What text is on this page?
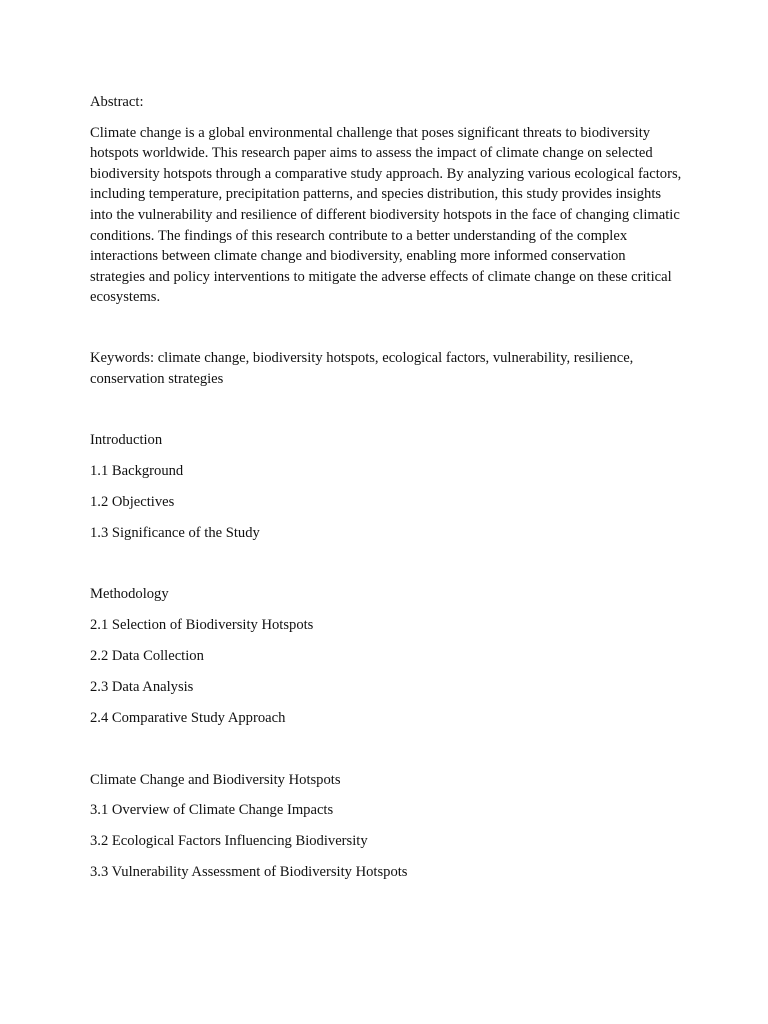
Abstract:

Climate change is a global environmental challenge that poses significant threats to biodiversity hotspots worldwide. This research paper aims to assess the impact of climate change on selected biodiversity hotspots through a comparative study approach. By analyzing various ecological factors, including temperature, precipitation patterns, and species distribution, this study provides insights into the vulnerability and resilience of different biodiversity hotspots in the face of changing climatic conditions. The findings of this research contribute to a better understanding of the complex interactions between climate change and biodiversity, enabling more informed conservation strategies and policy interventions to mitigate the adverse effects of climate change on these critical ecosystems.

Keywords: climate change, biodiversity hotspots, ecological factors, vulnerability, resilience, conservation strategies

Introduction

1.1 Background

1.2 Objectives

1.3 Significance of the Study

Methodology

2.1 Selection of Biodiversity Hotspots

2.2 Data Collection

2.3 Data Analysis

2.4 Comparative Study Approach

Climate Change and Biodiversity Hotspots

3.1 Overview of Climate Change Impacts

3.2 Ecological Factors Influencing Biodiversity

3.3 Vulnerability Assessment of Biodiversity Hotspots
